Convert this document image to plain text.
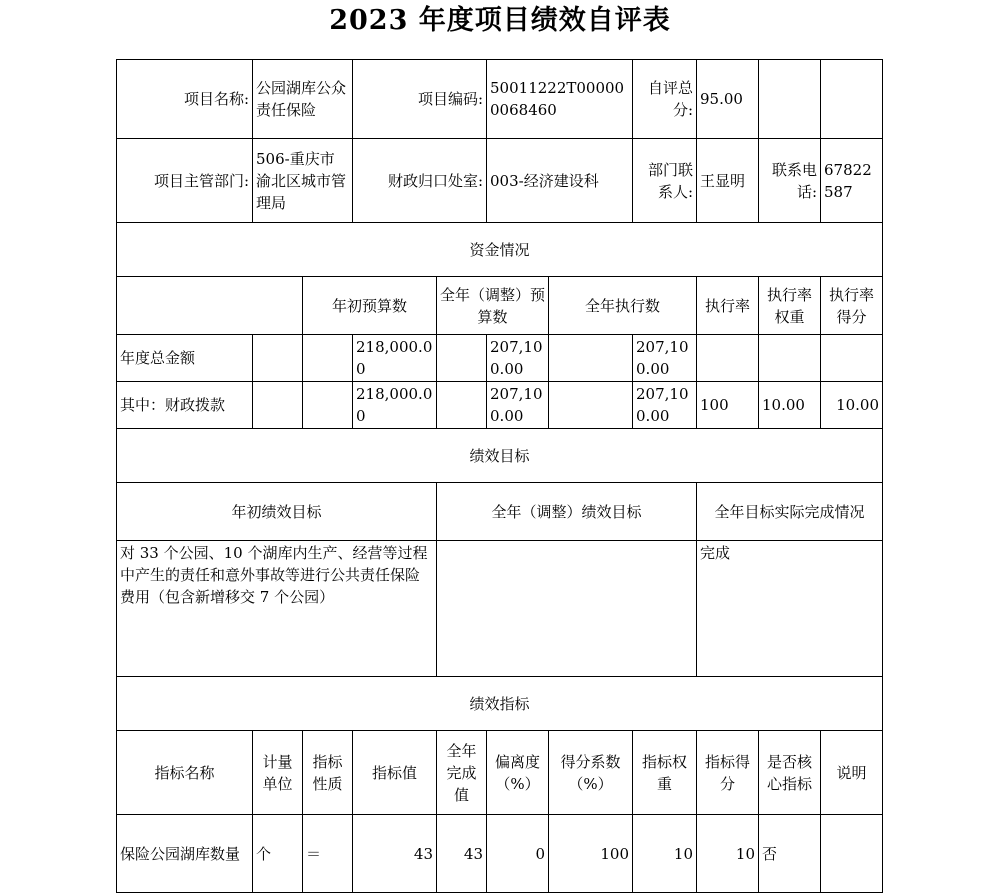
2023 年度项目绩效自评表
项目名称:	公园湖库公众责任保险		项目编码:		50011222T000000068460		自评总分:	95.00		
项目主管部门:	506-重庆市渝北区城市管理局		财政归口处室:		003-经济建设科		部门联系人:	王显明	联系电话:	67822587
资金情况										
		年初预算数		全年（调整）预算数		全年执行数		执行率	执行率权重	执行率得分
年度总金额			218,000.00		207,100.00		207,100.00			
其中：财政拨款			218,000.00		207,100.00		207,100.00	100	10.00	10.00
绩效目标										
年初绩效目标				全年（调整）绩效目标				全年目标实际完成情况		
对 33 个公园、10 个湖库内生产、经营等过程中产生的责任和意外事故等进行公共责任保险费用（包含新增移交 7 个公园）								完成		
绩效指标										
指标名称	计量单位	指标性质	指标值	全年完成值	偏离度（%）	得分系数（%）	指标权重	指标得分	是否核心指标	说明
保险公园湖库数量	个	＝	43	43	0	100	10	10	否	
